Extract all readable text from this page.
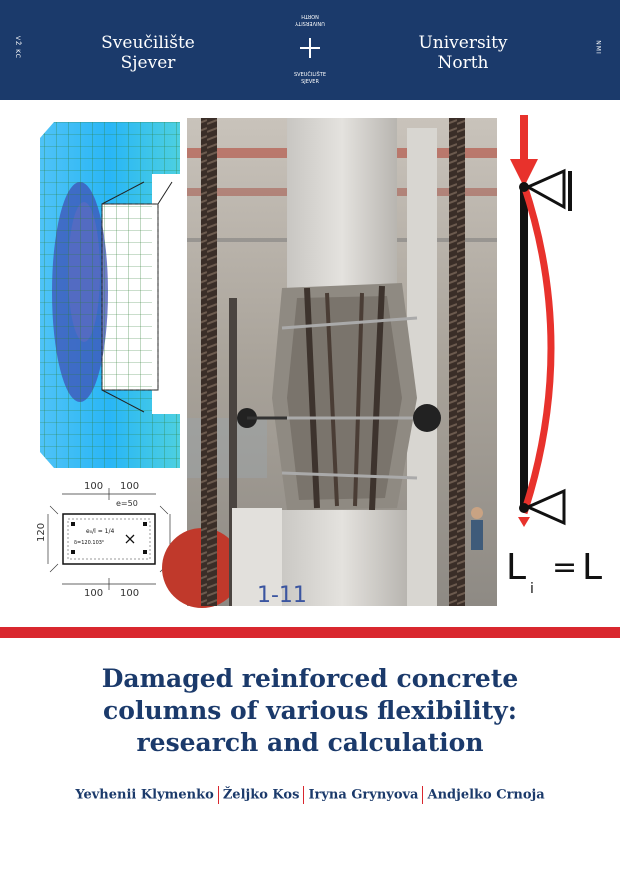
VŽ KC	Sveučilište
Sjever
UNIVERSITY
NORTH
SVEUČILIŠTE
SJEVER
University
North
NMI
100 100
e=50
100 100
120	e₀/l = 1/4
δ=120.103⁰
1-11
L
i
= L
Damaged reinforced concrete
columns of various flexibility:
research and calculation
Yevhenii Klymenko Željko Kos Iryna Grynyova Andjelko Crnoja
